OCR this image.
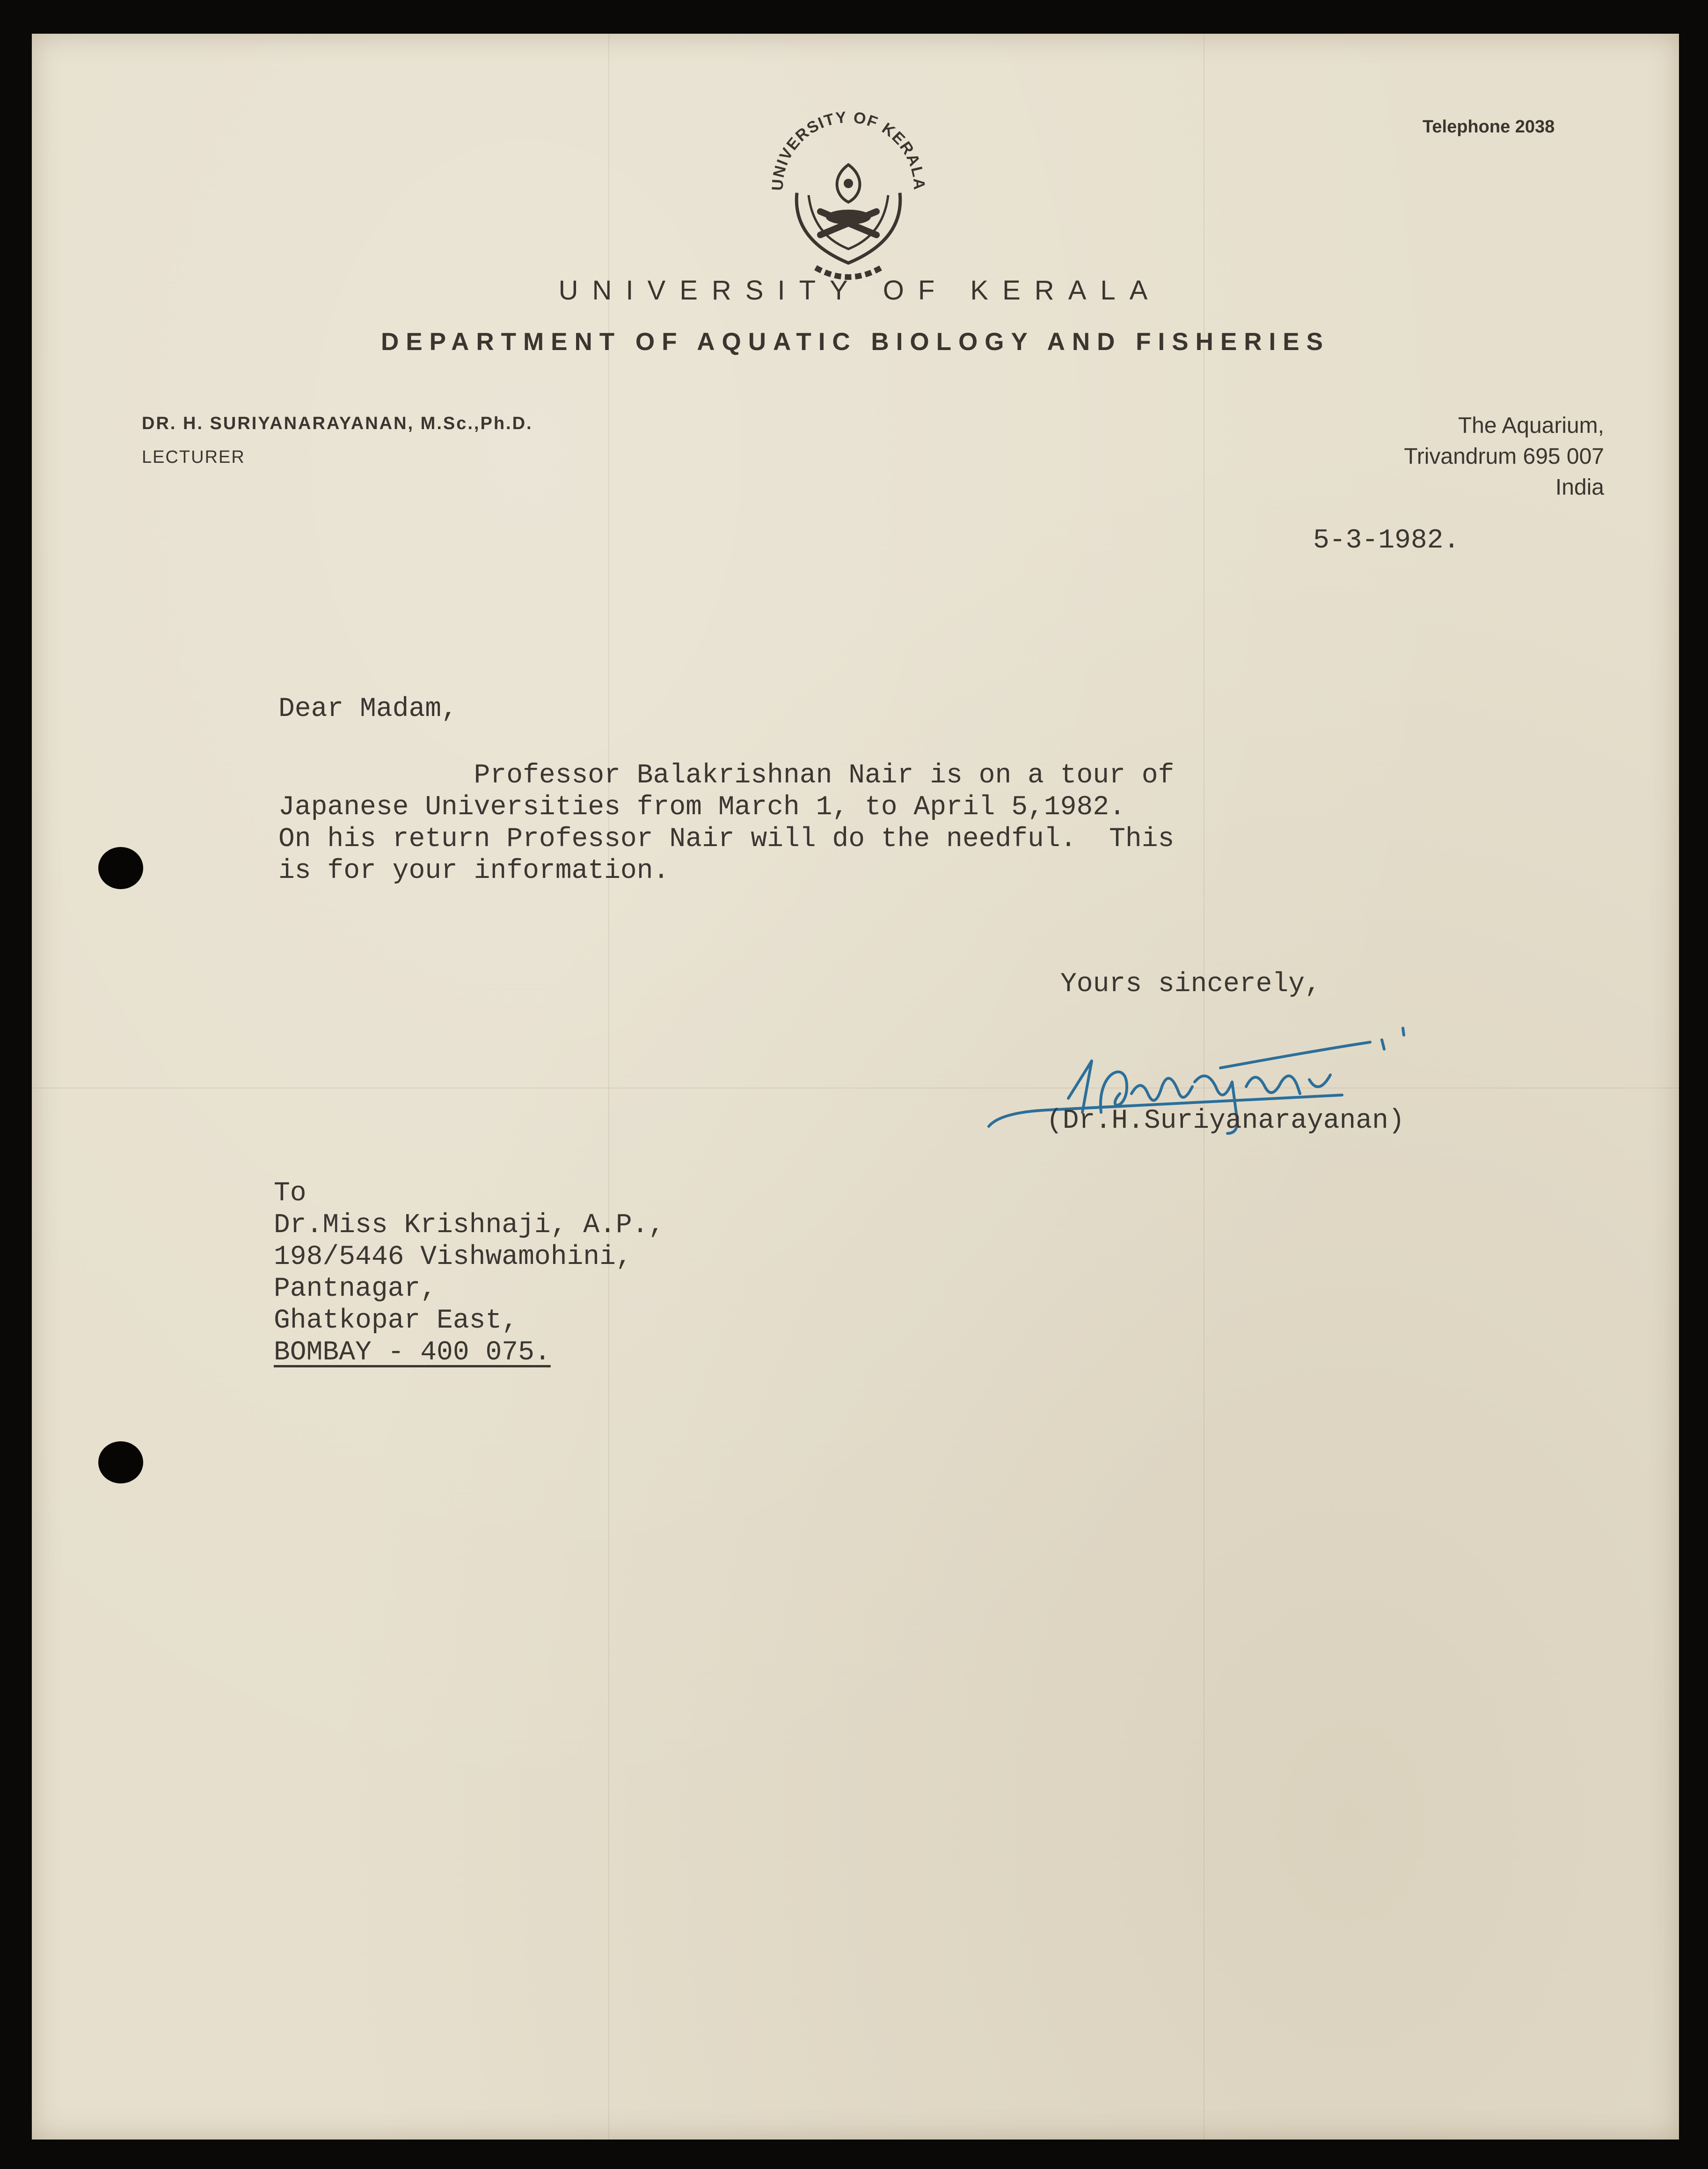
UNIVERSITY OF KERALA
Telephone 2038
UNIVERSITY OF KERALA
DEPARTMENT OF AQUATIC BIOLOGY AND FISHERIES
DR. H. SURIYANARAYANAN, M.Sc.,Ph.D.
LECTURER
The Aquarium,
Trivandrum 695 007
India
5-3-1982.
Dear Madam,
Professor Balakrishnan Nair is on a tour of
Japanese Universities from March 1, to April 5,1982.
On his return Professor Nair will do the needful.  This
is for your information.
Yours sincerely,
(Dr.H.Suriyanarayanan)
To
Dr.Miss Krishnaji, A.P.,
198/5446 Vishwamohini,
Pantnagar,
Ghatkopar East,
BOMBAY - 400 075.
